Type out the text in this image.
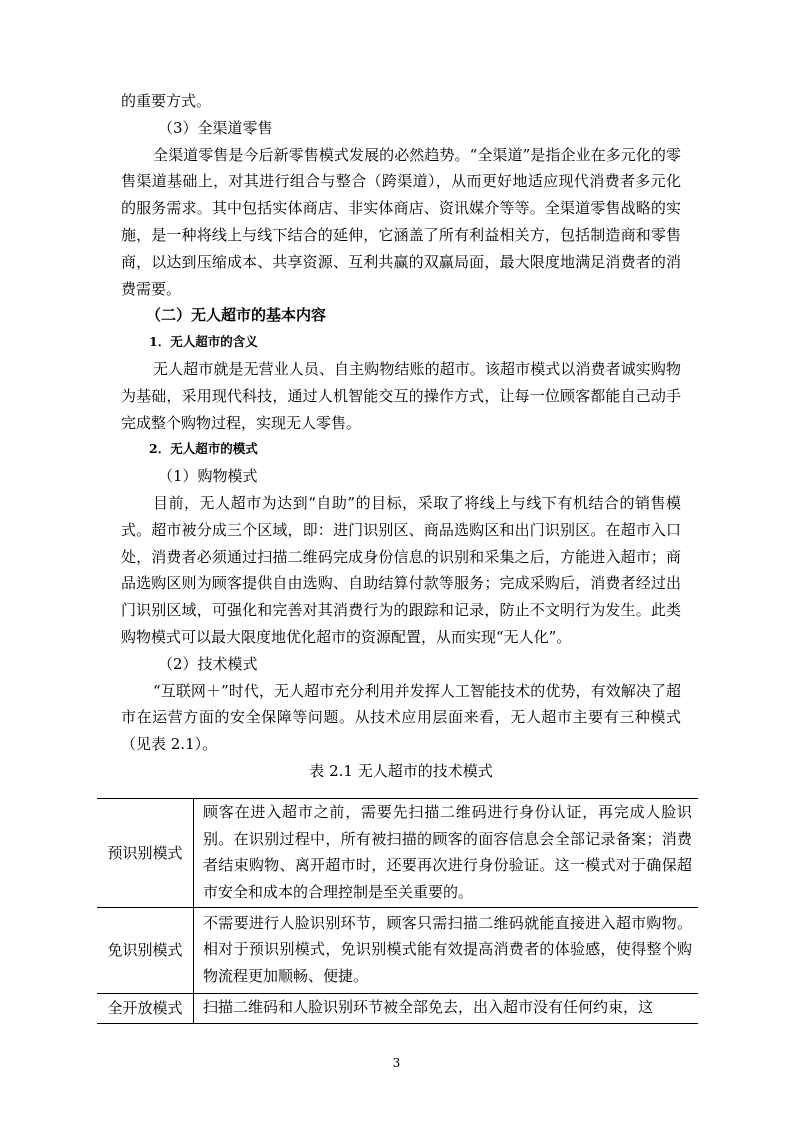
的重要方式。

（3）全渠道零售

全渠道零售是今后新零售模式发展的必然趋势。“全渠道”是指企业在多元化的零售渠道基础上，对其进行组合与整合（跨渠道），从而更好地适应现代消费者多元化的服务需求。其中包括实体商店、非实体商店、资讯媒介等等。全渠道零售战略的实施，是一种将线上与线下结合的延伸，它涵盖了所有利益相关方，包括制造商和零售商，以达到压缩成本、共享资源、互利共赢的双赢局面，最大限度地满足消费者的消费需要。

（二）无人超市的基本内容
1．无人超市的含义

无人超市就是无营业人员、自主购物结账的超市。该超市模式以消费者诚实购物为基础，采用现代科技，通过人机智能交互的操作方式，让每一位顾客都能自己动手完成整个购物过程，实现无人零售。

2．无人超市的模式
（1）购物模式

目前，无人超市为达到“自助”的目标，采取了将线上与线下有机结合的销售模式。超市被分成三个区域，即：进门识别区、商品选购区和出门识别区。在超市入口处，消费者必须通过扫描二维码完成身份信息的识别和采集之后，方能进入超市；商品选购区则为顾客提供自由选购、自助结算付款等服务；完成采购后，消费者经过出门识别区域，可强化和完善对其消费行为的跟踪和记录，防止不文明行为发生。此类购物模式可以最大限度地优化超市的资源配置，从而实现“无人化”。

（2）技术模式

“互联网＋”时代，无人超市充分利用并发挥人工智能技术的优势，有效解决了超市在运营方面的安全保障等问题。从技术应用层面来看，无人超市主要有三种模式（见表 2.1）。

表 2.1 无人超市的技术模式
预识别模式	顾客在进入超市之前，需要先扫描二维码进行身份认证，再完成人脸识别。在识别过程中，所有被扫描的顾客的面容信息会全部记录备案；消费者结束购物、离开超市时，还要再次进行身份验证。这一模式对于确保超市安全和成本的合理控制是至关重要的。
免识别模式	不需要进行人脸识别环节，顾客只需扫描二维码就能直接进入超市购物。相对于预识别模式，免识别模式能有效提高消费者的体验感，使得整个购物流程更加顺畅、便捷。
全开放模式	扫描二维码和人脸识别环节被全部免去，出入超市没有任何约束，这
3
